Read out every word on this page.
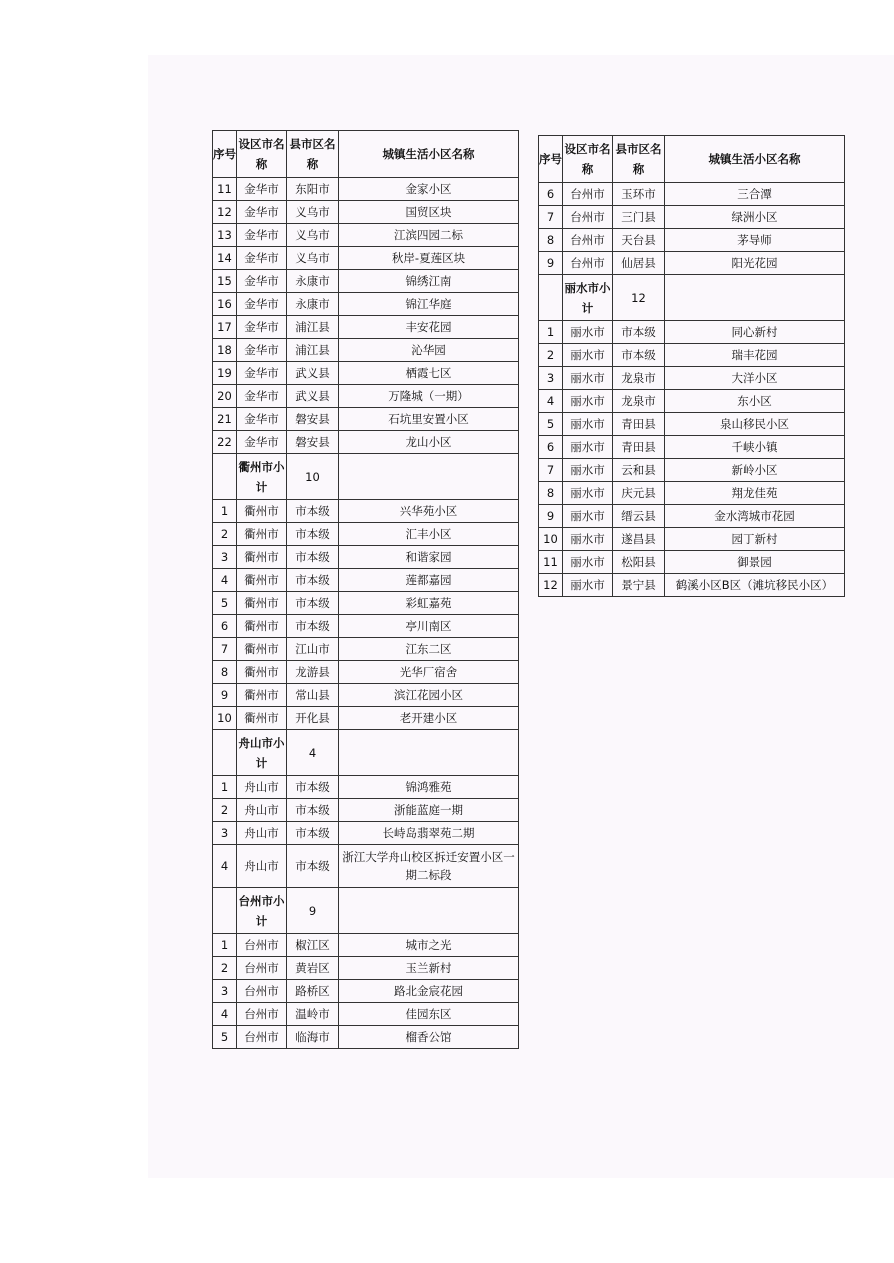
序号	设区市名称	县市区名称	城镇生活小区名称
11	金华市	东阳市	金家小区
12	金华市	义乌市	国贸区块
13	金华市	义乌市	江滨四园二标
14	金华市	义乌市	秋岸-夏莲区块
15	金华市	永康市	锦绣江南
16	金华市	永康市	锦江华庭
17	金华市	浦江县	丰安花园
18	金华市	浦江县	沁华园
19	金华市	武义县	栖霞七区
20	金华市	武义县	万隆城（一期）
21	金华市	磐安县	石坑里安置小区
22	金华市	磐安县	龙山小区
	衢州市小计	10	
1	衢州市	市本级	兴华苑小区
2	衢州市	市本级	汇丰小区
3	衢州市	市本级	和谐家园
4	衢州市	市本级	莲都嘉园
5	衢州市	市本级	彩虹嘉苑
6	衢州市	市本级	亭川南区
7	衢州市	江山市	江东二区
8	衢州市	龙游县	光华厂宿舍
9	衢州市	常山县	滨江花园小区
10	衢州市	开化县	老开建小区
	舟山市小计	4	
1	舟山市	市本级	锦鸿雅苑
2	舟山市	市本级	浙能蓝庭一期
3	舟山市	市本级	长峙岛翡翠苑二期
4	舟山市	市本级	浙江大学舟山校区拆迁安置小区一期二标段
	台州市小计	9	
1	台州市	椒江区	城市之光
2	台州市	黄岩区	玉兰新村
3	台州市	路桥区	路北金宸花园
4	台州市	温岭市	佳园东区
5	台州市	临海市	榴香公馆
序号	设区市名称	县市区名称	城镇生活小区名称
6	台州市	玉环市	三合潭
7	台州市	三门县	绿洲小区
8	台州市	天台县	茅导师
9	台州市	仙居县	阳光花园
	丽水市小计	12	
1	丽水市	市本级	同心新村
2	丽水市	市本级	瑞丰花园
3	丽水市	龙泉市	大洋小区
4	丽水市	龙泉市	东小区
5	丽水市	青田县	泉山移民小区
6	丽水市	青田县	千峡小镇
7	丽水市	云和县	新岭小区
8	丽水市	庆元县	翔龙佳苑
9	丽水市	缙云县	金水湾城市花园
10	丽水市	遂昌县	园丁新村
11	丽水市	松阳县	御景园
12	丽水市	景宁县	鹤溪小区B区（滩坑移民小区）
